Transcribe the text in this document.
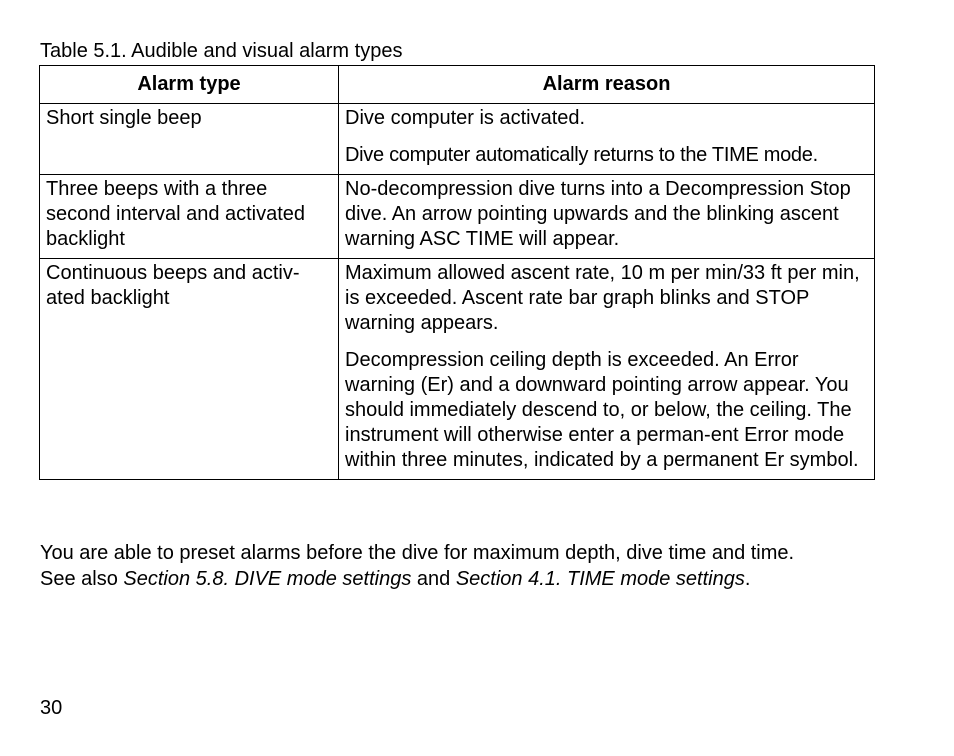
Table 5.1. Audible and visual alarm types
Alarm type	Alarm reason
Short single beep	Dive computer is activated.

Dive computer automatically returns to the TIME mode.

Three beeps with a three second interval and activated backlight	No-decompression dive turns into a Decompression Stop dive. An arrow pointing upwards and the blinking ascent warning ASC TIME will appear.

Continuous beeps and activ-ated backlight	Maximum allowed ascent rate, 10 m per min/33 ft per min, is exceeded. Ascent rate bar graph blinks and STOP warning appears.

Decompression ceiling depth is exceeded. An Error warning (Er) and a downward pointing arrow appear. You should immediately descend to, or below, the ceiling. The instrument will otherwise enter a perman-ent Error mode within three minutes, indicated by a permanent Er symbol.

You are able to preset alarms before the dive for maximum depth, dive time and time.

See also Section 5.8. DIVE mode settings and Section 4.1. TIME mode settings.

30
